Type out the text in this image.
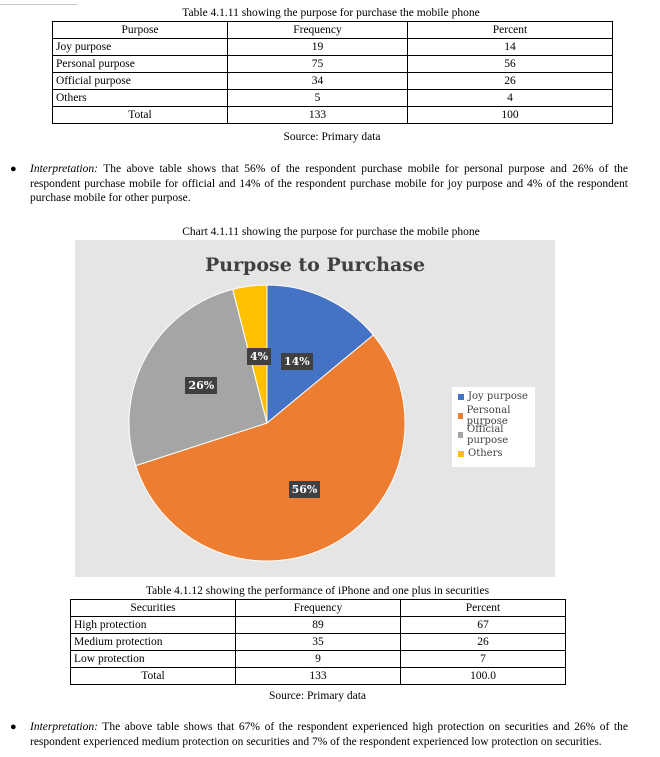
Table 4.1.11 showing the purpose for purchase the mobile phone
Purpose	Frequency	Percent
Joy purpose	19	14
Personal purpose	75	56
Official purpose	34	26
Others	5	4
Total	133	100
Source: Primary data
● Interpretation: The above table shows that 56% of the respondent purchase mobile for personal purpose and 26% of the respondent purchase mobile for official and 14% of the respondent purchase mobile for joy purpose and 4% of the respondent purchase mobile for other purpose.
Chart 4.1.11 showing the purpose for purchase the mobile phone
Purpose to Purchase
14%
56%
26%
4%
Joy purpose
Personal purpose
Official purpose
Others
Table 4.1.12 showing the performance of iPhone and one plus in securities
Securities	Frequency	Percent
High protection	89	67
Medium protection	35	26
Low protection	9	7
Total	133	100.0
Source: Primary data
● Interpretation: The above table shows that 67% of the respondent experienced high protection on securities and 26% of the respondent experienced medium protection on securities and 7% of the respondent experienced low protection on securities.
